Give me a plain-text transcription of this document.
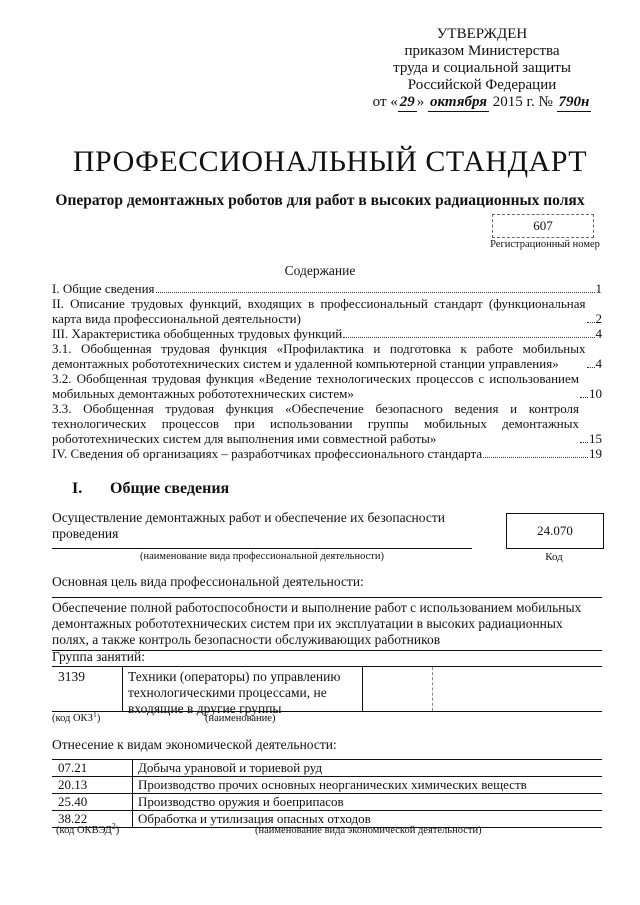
УТВЕРЖДЕН
приказом Министерства
труда и социальной защиты
Российской Федерации
от « 29 » октября 2015 г. № 790н
ПРОФЕССИОНАЛЬНЫЙ СТАНДАРТ
Оператор демонтажных роботов для работ в высоких радиационных полях
607
Регистрационный номер
Содержание
I. Общие сведения	1
II. Описание трудовых функций, входящих в профессиональный стандарт (функциональная карта вида профессиональной деятельности)	2
III. Характеристика обобщенных трудовых функций	4
3.1. Обобщенная трудовая функция «Профилактика и подготовка к работе мобильных демонтажных робототехнических систем и удаленной компьютерной станции управления»	4
3.2. Обобщенная трудовая функция «Ведение технологических процессов с использованием мобильных демонтажных робототехнических систем»	10
3.3. Обобщенная трудовая функция «Обеспечение безопасного ведения и контроля технологических процессов при использовании группы мобильных демонтажных робототехнических систем для выполнения ими совместной работы»	15
IV. Сведения об организациях – разработчиках профессионального стандарта	19
I. Общие сведения
Осуществление демонтажных работ и обеспечение их безопасности проведения
(наименование вида профессиональной деятельности)
24.070
Код
Основная цель вида профессиональной деятельности:
Обеспечение полной работоспособности и выполнение работ с использованием мобильных демонтажных робототехнических систем при их эксплуатации в высоких радиационных полях, а также контроль безопасности обслуживающих работников
Группа занятий:
3139	Техники (операторы) по управлению технологическими процессами, не входящие в другие группы
(код ОКЗ$^1$)	(наименование)
Отнесение к видам экономической деятельности:
07.21	Добыча урановой и ториевой руд
20.13	Производство прочих основных неорганических химических веществ
25.40	Производство оружия и боеприпасов
38.22	Обработка и утилизация опасных отходов
(код ОКВЭД$^2$)	(наименование вида экономической деятельности)
